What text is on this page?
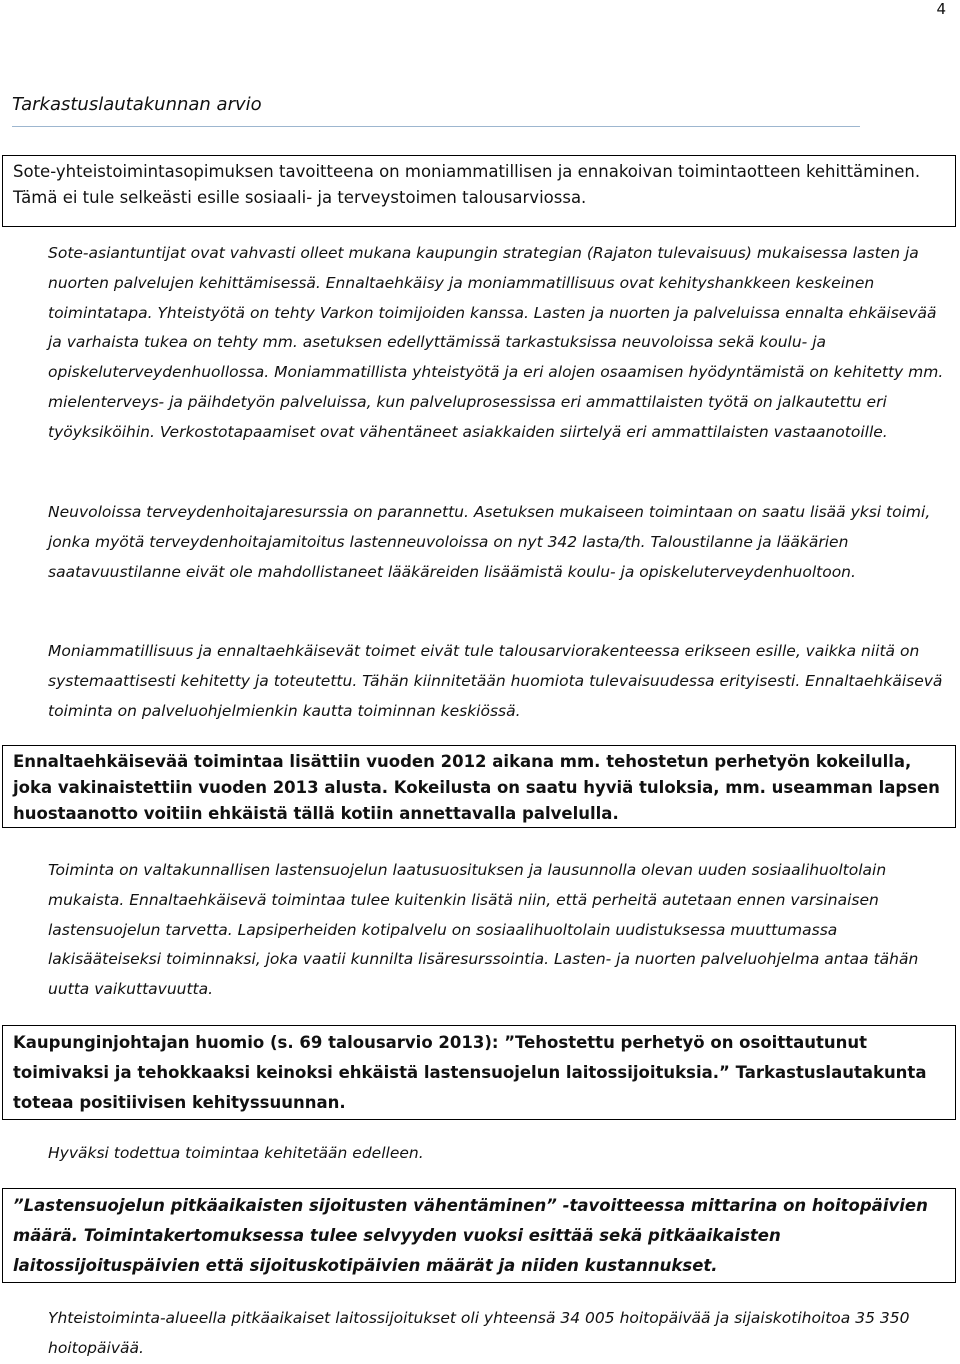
4
Tarkastuslautakunnan arvio
Sote-yhteistoimintasopimuksen tavoitteena on moniammatillisen ja ennakoivan toimintaotteen kehittäminen. Tämä ei tule selkeästi esille sosiaali- ja terveystoimen talousarviossa.
Sote-asiantuntijat ovat vahvasti olleet mukana kaupungin strategian (Rajaton tulevaisuus) mukaisessa lasten ja nuorten palvelujen kehittämisessä. Ennaltaehkäisy ja moniammatillisuus ovat kehityshankkeen keskeinen toimintatapa. Yhteistyötä on tehty Varkon toimijoiden kanssa. Lasten ja nuorten ja palveluissa ennalta ehkäisevää ja varhaista tukea on tehty mm. asetuksen edellyttämissä tarkastuksissa neuvoloissa sekä koulu- ja opiskeluterveydenhuollossa. Moniammatillista yhteistyötä ja eri alojen osaamisen hyödyntämistä on kehitetty mm. mielenterveys- ja päihdetyön palveluissa, kun palveluprosessissa eri ammattilaisten työtä on jalkautettu eri työyksiköihin. Verkostotapaamiset ovat vähentäneet asiakkaiden siirtelyä eri ammattilaisten vastaanotoille.
Neuvoloissa terveydenhoitajaresurssia on parannettu. Asetuksen mukaiseen toimintaan on saatu lisää yksi toimi, jonka myötä terveydenhoitajamitoitus lastenneuvoloissa on nyt 342 lasta/th. Taloustilanne ja lääkärien saatavuustilanne eivät ole mahdollistaneet lääkäreiden lisäämistä koulu- ja opiskeluterveydenhuoltoon.
Moniammatillisuus ja ennaltaehkäisevät toimet eivät tule talousarviorakenteessa erikseen esille, vaikka niitä on systemaattisesti kehitetty ja toteutettu. Tähän kiinnitetään huomiota tulevaisuudessa erityisesti. Ennaltaehkäisevä toiminta on palveluohjelmienkin kautta toiminnan keskiössä.
Ennaltaehkäisevää toimintaa lisättiin vuoden 2012 aikana mm. tehostetun perhetyön kokeilulla, joka vakinaistettiin vuoden 2013 alusta. Kokeilusta on saatu hyviä tuloksia, mm. useamman lapsen huostaanotto voitiin ehkäistä tällä kotiin annettavalla palvelulla.
Toiminta on valtakunnallisen lastensuojelun laatusuosituksen ja lausunnolla olevan uuden sosiaalihuoltolain mukaista. Ennaltaehkäisevä toimintaa tulee kuitenkin lisätä niin, että perheitä autetaan ennen varsinaisen lastensuojelun tarvetta. Lapsiperheiden kotipalvelu on sosiaalihuoltolain uudistuksessa muuttumassa lakisääteiseksi toiminnaksi, joka vaatii kunnilta lisäresurssointia. Lasten- ja nuorten palveluohjelma antaa tähän uutta vaikuttavuutta.
Kaupunginjohtajan huomio (s. 69 talousarvio 2013): ”Tehostettu perhetyö on osoittautunut toimivaksi ja tehokkaaksi keinoksi ehkäistä lastensuojelun laitossijoituksia.” Tarkastuslautakunta toteaa positiivisen kehityssuunnan.
Hyväksi todettua toimintaa kehitetään edelleen.
”Lastensuojelun pitkäaikaisten sijoitusten vähentäminen” -tavoitteessa mittarina on hoitopäivien määrä. Toimintakertomuksessa tulee selvyyden vuoksi esittää sekä pitkäaikaisten laitossijoituspäivien että sijoituskotipäivien määrät ja niiden kustannukset.
Yhteistoiminta-alueella pitkäaikaiset laitossijoitukset oli yhteensä 34 005 hoitopäivää ja sijaiskotihoitoa 35 350 hoitopäivää.
